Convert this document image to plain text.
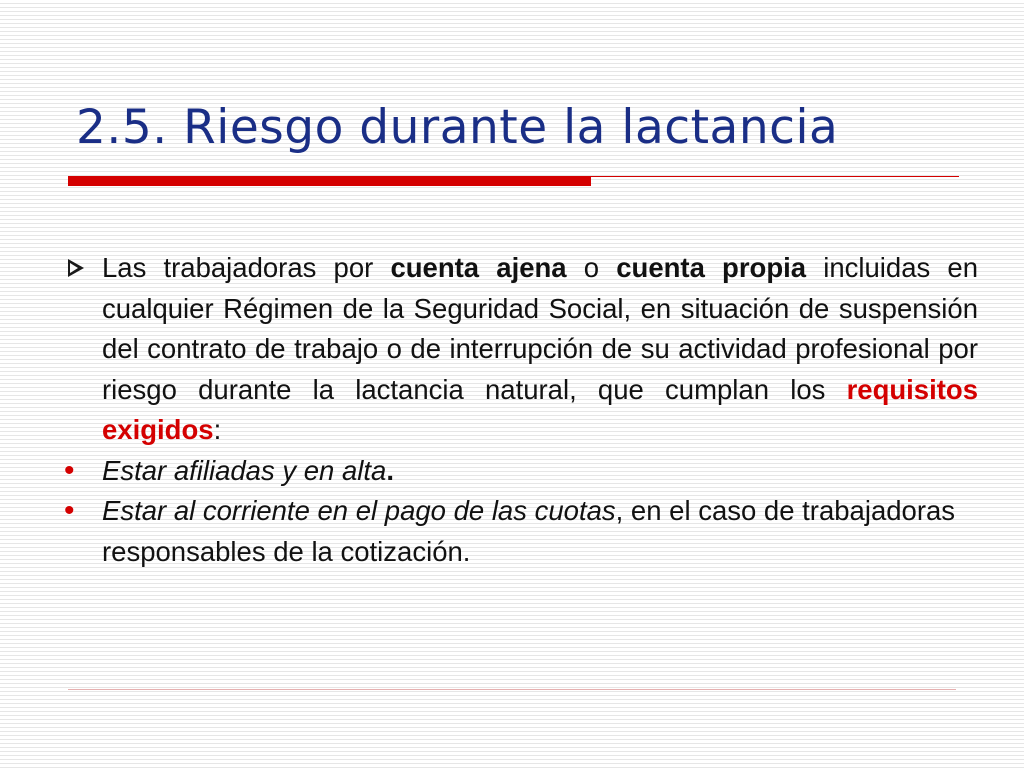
2.5. Riesgo durante la lactancia
Las trabajadoras por cuenta ajena o cuenta propia incluidas en cualquier Régimen de la Seguridad Social, en situación de suspensión del contrato de trabajo o de interrupción de su actividad profesional por riesgo durante la lactancia natural, que cumplan los requisitos exigidos:
• Estar afiliadas y en alta.
• Estar al corriente en el pago de las cuotas, en el caso de trabajadoras responsables de la cotización.
